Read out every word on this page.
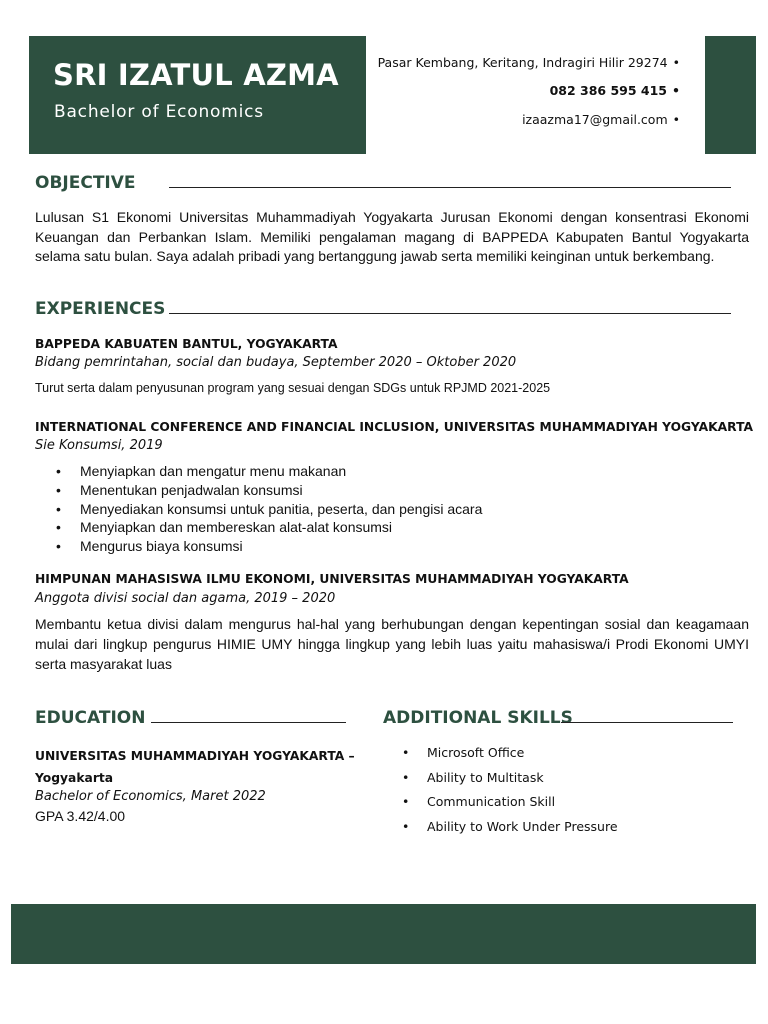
SRI IZATUL AZMA
Bachelor of Economics
Pasar Kembang, Keritang, Indragiri Hilir 29274 •
082 386 595 415 •
izaazma17@gmail.com •
OBJECTIVE
Lulusan S1 Ekonomi Universitas Muhammadiyah Yogyakarta Jurusan Ekonomi dengan konsentrasi Ekonomi Keuangan dan Perbankan Islam. Memiliki pengalaman magang di BAPPEDA Kabupaten Bantul Yogyakarta selama satu bulan. Saya adalah pribadi yang bertanggung jawab serta memiliki keinginan untuk berkembang.
EXPERIENCES
BAPPEDA KABUATEN BANTUL, YOGYAKARTA
Bidang pemrintahan, social dan budaya, September 2020 – Oktober 2020
Turut serta dalam penyusunan program yang sesuai dengan SDGs untuk RPJMD 2021-2025
INTERNATIONAL CONFERENCE AND FINANCIAL INCLUSION, UNIVERSITAS MUHAMMADIYAH YOGYAKARTA
Sie Konsumsi, 2019
• Menyiapkan dan mengatur menu makanan
• Menentukan penjadwalan konsumsi
• Menyediakan konsumsi untuk panitia, peserta, dan pengisi acara
• Menyiapkan dan membereskan alat-alat konsumsi
• Mengurus biaya konsumsi
HIMPUNAN MAHASISWA ILMU EKONOMI, UNIVERSITAS MUHAMMADIYAH YOGYAKARTA
Anggota divisi social dan agama, 2019 – 2020
Membantu ketua divisi dalam mengurus hal-hal yang berhubungan dengan kepentingan sosial dan keagamaan mulai dari lingkup pengurus HIMIE UMY hingga lingkup yang lebih luas yaitu mahasiswa/i Prodi Ekonomi UMYI serta masyarakat luas
EDUCATION
UNIVERSITAS MUHAMMADIYAH YOGYAKARTA – Yogyakarta
Bachelor of Economics, Maret 2022
GPA 3.42/4.00
ADDITIONAL SKILLS
• Microsoft Office
• Ability to Multitask
• Communication Skill
• Ability to Work Under Pressure
